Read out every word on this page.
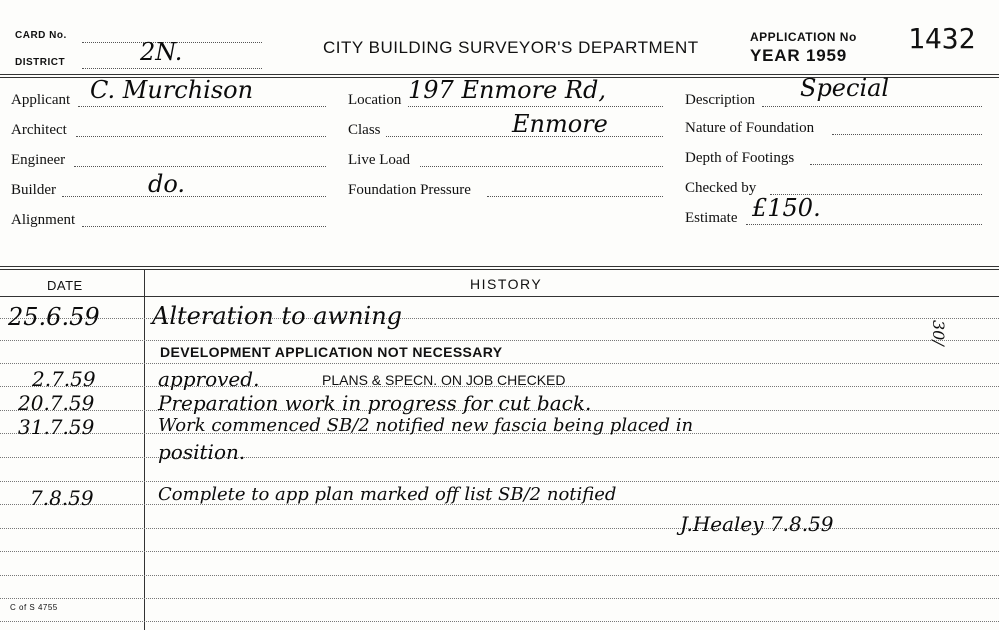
CARD No.
DISTRICT	2N.	CITY BUILDING SURVEYOR'S DEPARTMENT
APPLICATION No
YEAR 1959
1432
Applicant C. Murchison
Architect
Engineer
Builder	do.
Alignment
Location 197 Enmore Rd,
Class	Enmore
Live Load
Foundation Pressure
Description Special
Nature of Foundation
Depth of Footings
Checked by
Estimate £150.
DATE	HISTORY
25.6.59 Alteration to awning
DEVELOPMENT APPLICATION NOT NECESSARY
30/
2.7.59	approved.	PLANS & SPECN. ON JOB CHECKED
20.7.59	Preparation work in progress for cut back.
31.7.59	Work commenced SB/2 notified new fascia being placed in
position.
7.8.59	Complete to app plan marked off list SB/2 notified
J.Healey 7.8.59
C of S 4755
